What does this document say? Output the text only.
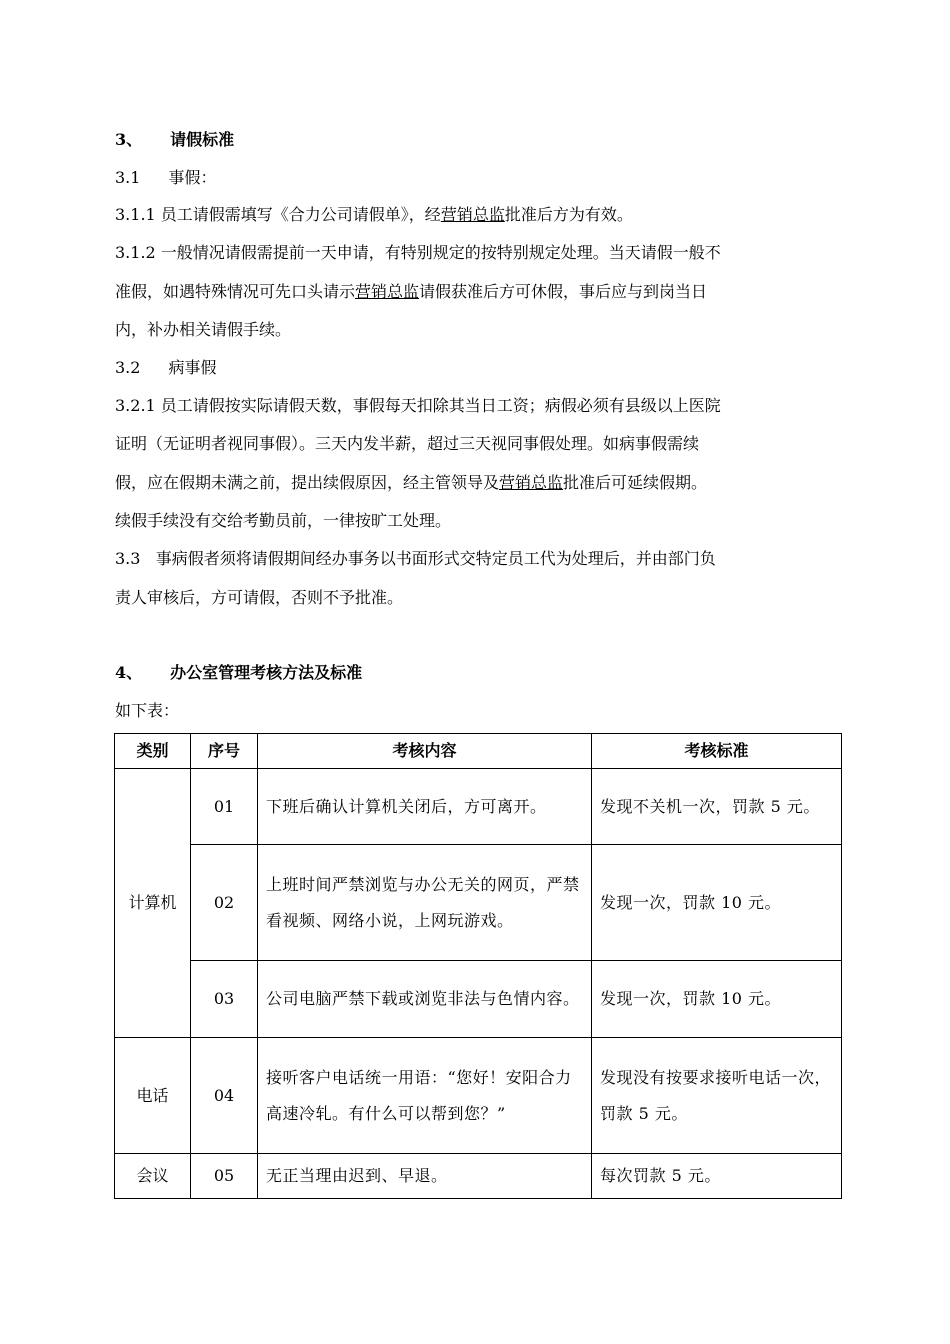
3、 请假标准
3.1 事假：
3.1.1 员工请假需填写《合力公司请假单》，经营销总监批准后方为有效。
3.1.2 一般情况请假需提前一天申请，有特别规定的按特别规定处理。当天请假一般不
准假，如遇特殊情况可先口头请示营销总监请假获准后方可休假，事后应与到岗当日
内，补办相关请假手续。
3.2 病事假
3.2.1 员工请假按实际请假天数，事假每天扣除其当日工资；病假必须有县级以上医院
证明（无证明者视同事假）。三天内发半薪，超过三天视同事假处理。如病事假需续
假，应在假期未满之前，提出续假原因，经主管领导及营销总监批准后可延续假期。
续假手续没有交给考勤员前，一律按旷工处理。
3.3   事病假者须将请假期间经办事务以书面形式交特定员工代为处理后，并由部门负
责人审核后，方可请假，否则不予批准。
4、 办公室管理考核方法及标准
如下表：
类别	序号	考核内容	考核标准
计算机	01	下班后确认计算机关闭后，方可离开。	发现不关机一次，罚款 5 元。
	02	上班时间严禁浏览与办公无关的网页，严禁看视频、网络小说，上网玩游戏。	发现一次，罚款 10 元。
	03	公司电脑严禁下载或浏览非法与色情内容。	发现一次，罚款 10 元。
电话	04	接听客户电话统一用语：“您好！安阳合力高速冷轧。有什么可以帮到您？”	发现没有按要求接听电话一次，罚款 5 元。
会议	05	无正当理由迟到、早退。	每次罚款 5 元。
